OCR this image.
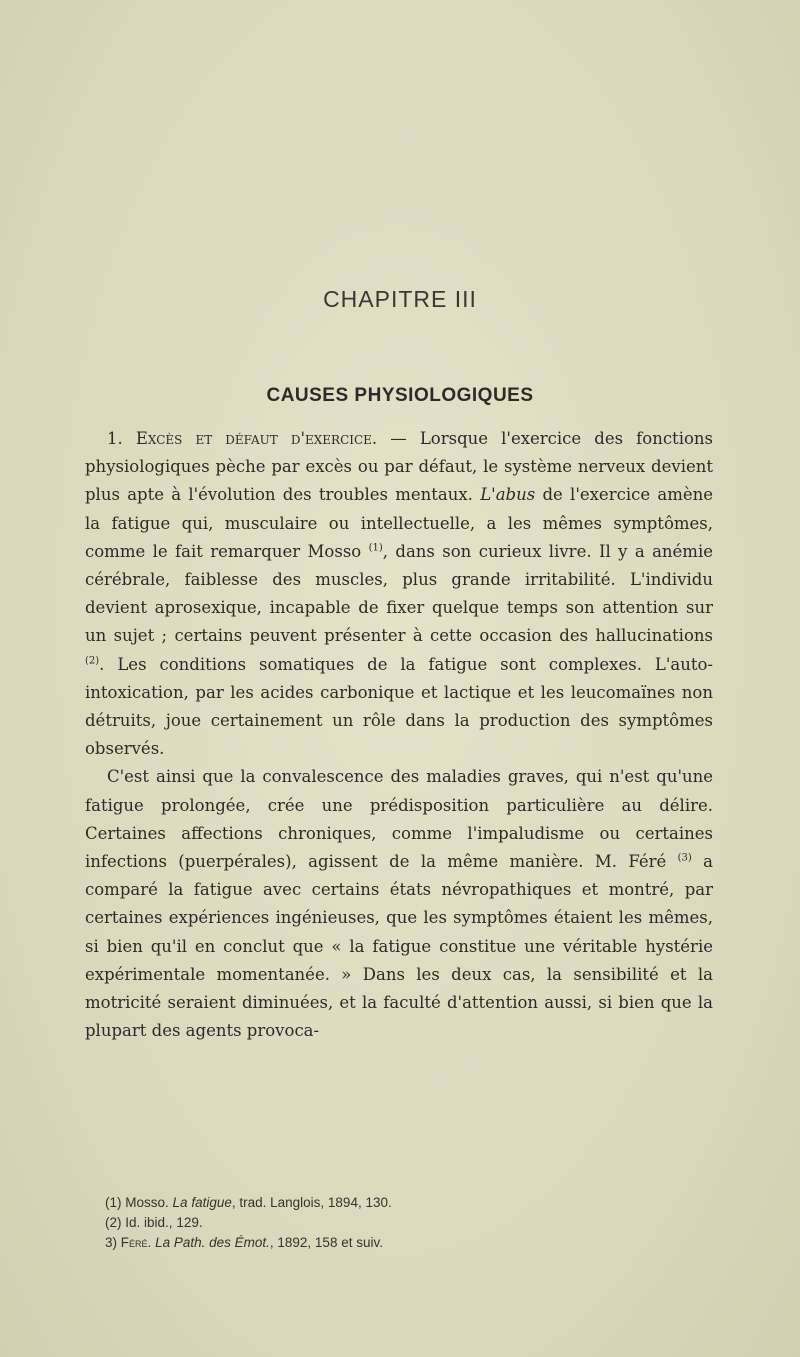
CHAPITRE III
CAUSES PHYSIOLOGIQUES

1. Excès et défaut d'exercice. — Lorsque l'exercice des fonctions physiologiques pèche par excès ou par défaut, le système nerveux devient plus apte à l'évolution des troubles mentaux. L'abus de l'exercice amène la fatigue qui, musculaire ou intellectuelle, a les mêmes symptômes, comme le fait remarquer Mosso $^{(1)}$, dans son curieux livre. Il y a anémie cérébrale, faiblesse des muscles, plus grande irritabilité. L'individu devient aprosexique, incapable de fixer quelque temps son attention sur un sujet ; certains peuvent présenter à cette occasion des hallucinations $^{(2)}$. Les conditions somatiques de la fatigue sont complexes. L'auto-intoxication, par les acides carbonique et lactique et les leucomaïnes non détruits, joue certainement un rôle dans la production des symptômes observés.

C'est ainsi que la convalescence des maladies graves, qui n'est qu'une fatigue prolongée, crée une prédisposition particulière au délire. Certaines affections chroniques, comme l'impaludisme ou certaines infections (puerpérales), agissent de la même manière. M. Féré $^{(3)}$ a comparé la fatigue avec certains états névropathiques et montré, par certaines expériences ingénieuses, que les symptômes étaient les mêmes, si bien qu'il en conclut que « la fatigue constitue une véritable hystérie expérimentale momentanée. » Dans les deux cas, la sensibilité et la motricité seraient diminuées, et la faculté d'attention aussi, si bien que la plupart des agents provoca-

(1) Mosso. La fatigue, trad. Langlois, 1894, 130.
(2) Id. ibid., 129.
3) Féré. La Path. des Émot., 1892, 158 et suiv.
